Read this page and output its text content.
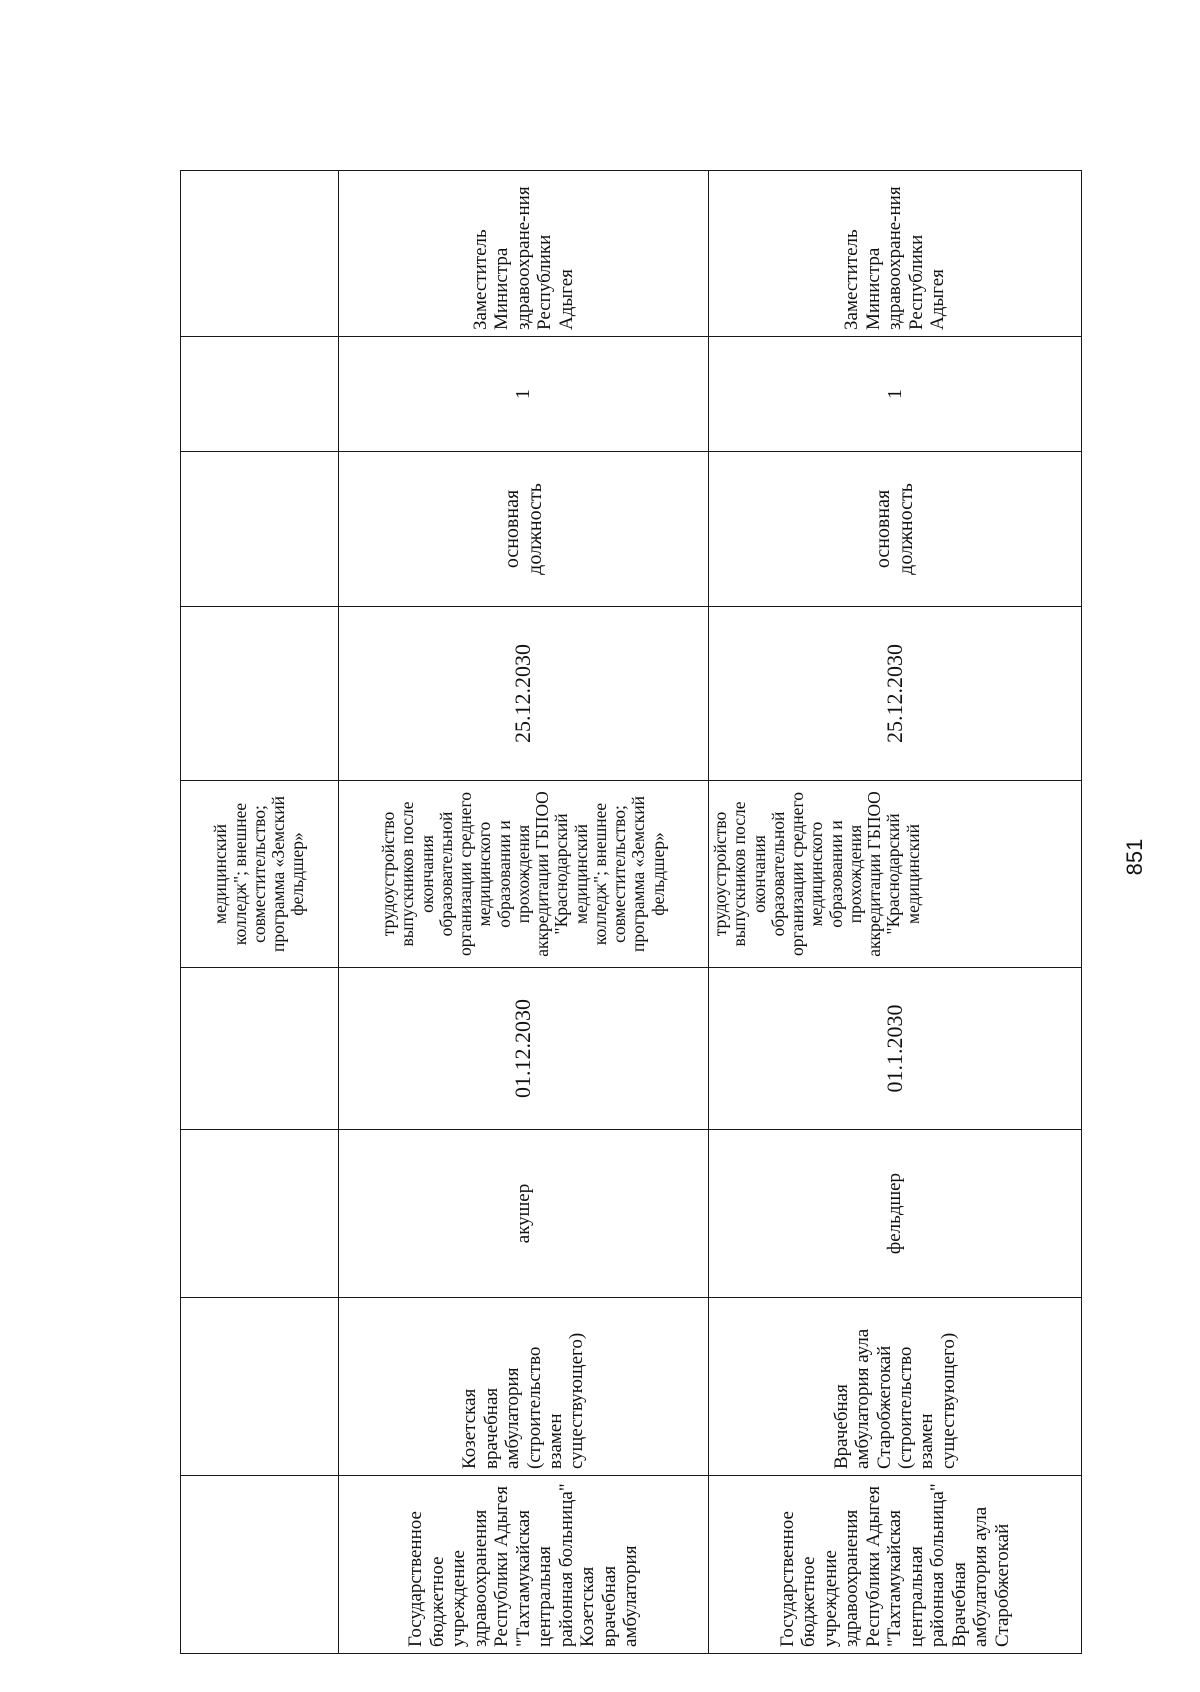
				медицинский колледж"; внешнее совместительство; программа «Земский фельдшер»				
Государственное бюджетное учреждение здравоохранения Республики Адыгея "Тахтамукайская центральная районная больница" Козетская врачебная амбулатория	Козетская врачебная амбулатория (строительство взамен существующего)	акушер	01.12.2030	трудоустройство выпускников после окончания образовательной организации среднего медицинского образовании и прохождения аккредитации ГБПОО "Краснодарский медицинский колледж"; внешнее совместительство; программа «Земский фельдшер»	25.12.2030	основная должность	1	Заместитель Министра здравоохране-ния Республики Адыгея
Государственное бюджетное учреждение здравоохранения Республики Адыгея "Тахтамукайская центральная районная больница" Врачебная амбулатория аула Старобжегокай	Врачебная амбулатория аула Старобжегокай (строительство взамен существующего)	фельдшер	01.1.2030	трудоустройство выпускников после окончания образовательной организации среднего медицинского образовании и прохождения аккредитации ГБПОО "Краснодарский медицинский	25.12.2030	основная должность	1	Заместитель Министра здравоохране-ния Республики Адыгея
851
